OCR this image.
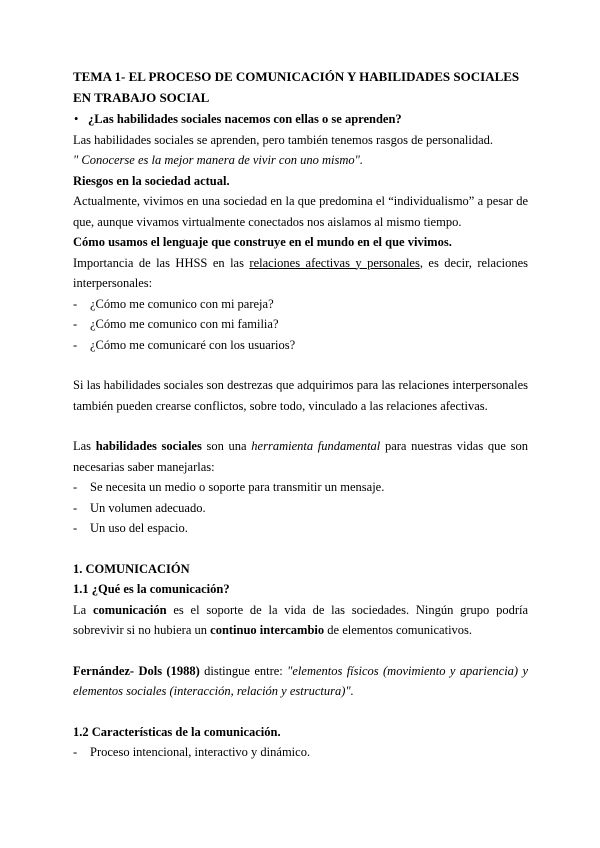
TEMA 1- EL PROCESO DE COMUNICACIÓN Y HABILIDADES SOCIALES EN TRABAJO SOCIAL

• ¿Las habilidades sociales nacemos con ellas o se aprenden?

Las habilidades sociales se aprenden, pero también tenemos rasgos de personalidad.

" Conocerse es la mejor manera de vivir con uno mismo".

Riesgos en la sociedad actual.

Actualmente, vivimos en una sociedad en la que predomina el “individualismo” a pesar de que, aunque vivamos virtualmente conectados nos aislamos al mismo tiempo.

Cómo usamos el lenguaje que construye en el mundo en el que vivimos.

Importancia de las HHSS en las relaciones afectivas y personales, es decir, relaciones interpersonales:

- ¿Cómo me comunico con mi pareja?
- ¿Cómo me comunico con mi familia?
- ¿Cómo me comunicaré con los usuarios?

Si las habilidades sociales son destrezas que adquirimos para las relaciones interpersonales también pueden crearse conflictos, sobre todo, vinculado a las relaciones afectivas.

Las habilidades sociales son una herramienta fundamental para nuestras vidas que son necesarias saber manejarlas:

- Se necesita un medio o soporte para transmitir un mensaje.
- Un volumen adecuado.
- Un uso del espacio.

1. COMUNICACIÓN

1.1 ¿Qué es la comunicación?

La comunicación es el soporte de la vida de las sociedades. Ningún grupo podría sobrevivir si no hubiera un continuo intercambio de elementos comunicativos.

Fernández- Dols (1988) distingue entre: "elementos físicos (movimiento y apariencia) y elementos sociales (interacción, relación y estructura)".

1.2 Características de la comunicación.

- Proceso intencional, interactivo y dinámico.
